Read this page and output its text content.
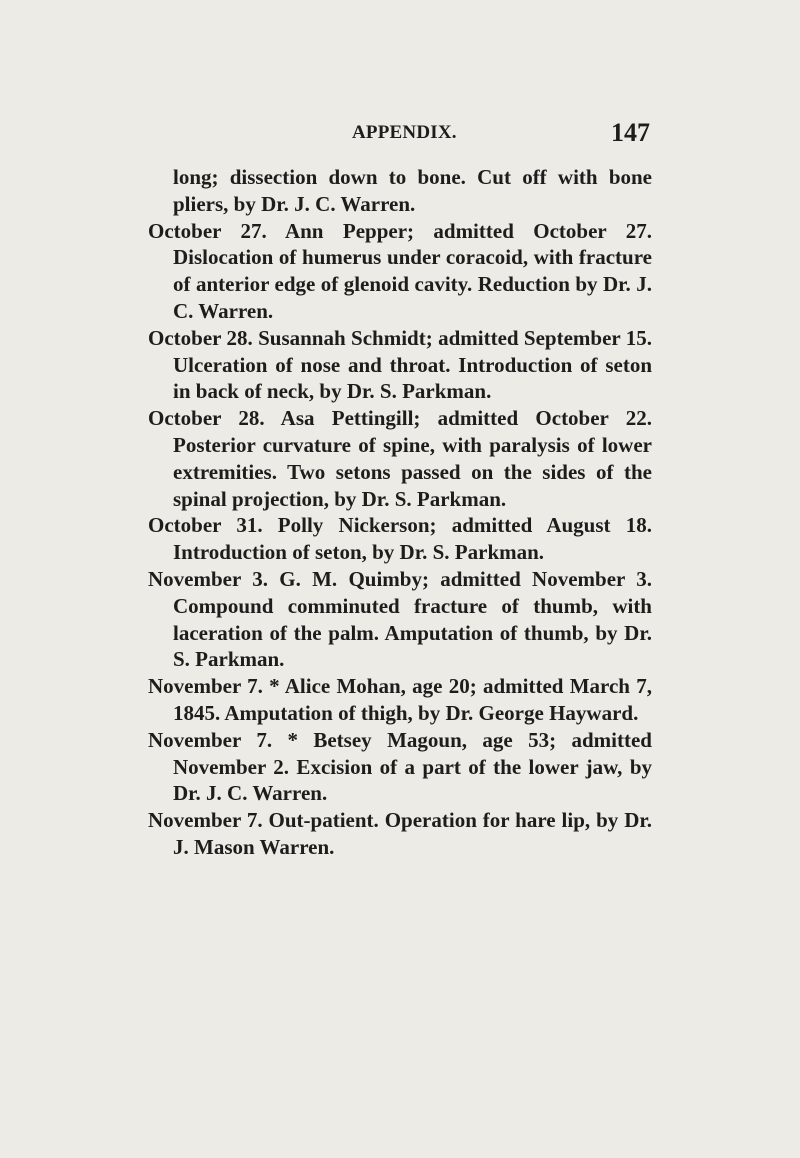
APPENDIX.	147

long; dissection down to bone. Cut off with bone pliers, by Dr. J. C. Warren.

October 27. Ann Pepper; admitted October 27. Dislocation of humerus under coracoid, with fracture of anterior edge of glenoid cavity. Reduction by Dr. J. C. Warren.

October 28. Susannah Schmidt; admitted September 15. Ulceration of nose and throat. Introduction of seton in back of neck, by Dr. S. Parkman.

October 28. Asa Pettingill; admitted October 22. Posterior curvature of spine, with paralysis of lower extremities. Two setons passed on the sides of the spinal projection, by Dr. S. Parkman.

October 31. Polly Nickerson; admitted August 18. Introduction of seton, by Dr. S. Parkman.

November 3. G. M. Quimby; admitted November 3. Compound comminuted fracture of thumb, with laceration of the palm. Amputation of thumb, by Dr. S. Parkman.

November 7. * Alice Mohan, age 20; admitted March 7, 1845. Amputation of thigh, by Dr. George Hayward.

November 7. * Betsey Magoun, age 53; admitted November 2. Excision of a part of the lower jaw, by Dr. J. C. Warren.

November 7. Out-patient. Operation for hare lip, by Dr. J. Mason Warren.
